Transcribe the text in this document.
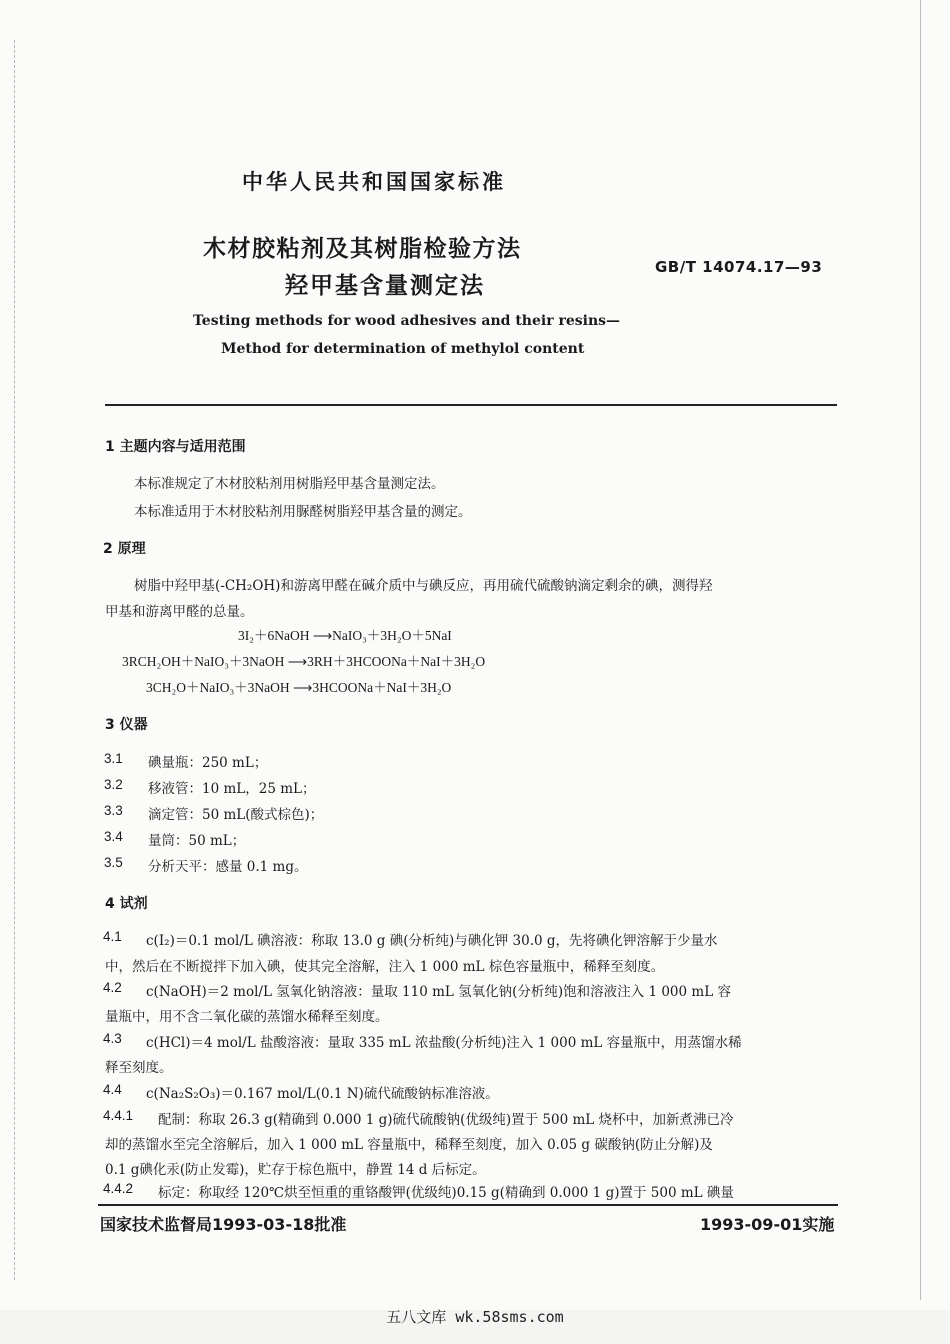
中华人民共和国国家标准
木材胶粘剂及其树脂检验方法
羟甲基含量测定法
GB/T 14074.17—93
Testing methods for wood adhesives and their resins—
Method for determination of methylol content
1 主题内容与适用范围
本标准规定了木材胶粘剂用树脂羟甲基含量测定法。
本标准适用于木材胶粘剂用脲醛树脂羟甲基含量的测定。
2 原理
树脂中羟甲基(-CH₂OH)和游离甲醛在碱介质中与碘反应，再用硫代硫酸钠滴定剩余的碘，测得羟
甲基和游离甲醛的总量。
3I₂＋6NaOH ⟶NaIO₃＋3H₂O＋5NaI
3RCH₂OH＋NaIO₃＋3NaOH ⟶3RH＋3HCOONa＋NaI＋3H₂O
3CH₂O＋NaIO₃＋3NaOH ⟶3HCOONa＋NaI＋3H₂O
3 仪器
3.1 碘量瓶：250 mL；
3.2 移液管：10 mL，25 mL；
3.3 滴定管：50 mL(酸式棕色)；
3.4 量筒：50 mL；
3.5 分析天平：感量 0.1 mg。
4 试剂
4.1 c(I₂)＝0.1 mol/L 碘溶液：称取 13.0 g 碘(分析纯)与碘化钾 30.0 g，先将碘化钾溶解于少量水
中，然后在不断搅拌下加入碘，使其完全溶解，注入 1 000 mL 棕色容量瓶中，稀释至刻度。
4.2 c(NaOH)＝2 mol/L 氢氧化钠溶液：量取 110 mL 氢氧化钠(分析纯)饱和溶液注入 1 000 mL 容
量瓶中，用不含二氧化碳的蒸馏水稀释至刻度。
4.3 c(HCl)＝4 mol/L 盐酸溶液：量取 335 mL 浓盐酸(分析纯)注入 1 000 mL 容量瓶中，用蒸馏水稀
释至刻度。
4.4 c(Na₂S₂O₃)＝0.167 mol/L(0.1 N)硫代硫酸钠标准溶液。
4.4.1 配制：称取 26.3 g(精确到 0.000 1 g)硫代硫酸钠(优级纯)置于 500 mL 烧杯中，加新煮沸已冷
却的蒸馏水至完全溶解后，加入 1 000 mL 容量瓶中，稀释至刻度，加入 0.05 g 碳酸钠(防止分解)及
0.1 g碘化汞(防止发霉)，贮存于棕色瓶中，静置 14 d 后标定。
4.4.2 标定：称取经 120℃烘至恒重的重铬酸钾(优级纯)0.15 g(精确到 0.000 1 g)置于 500 mL 碘量
国家技术监督局1993-03-18批准	1993-09-01实施
五八文库 wk.58sms.com
